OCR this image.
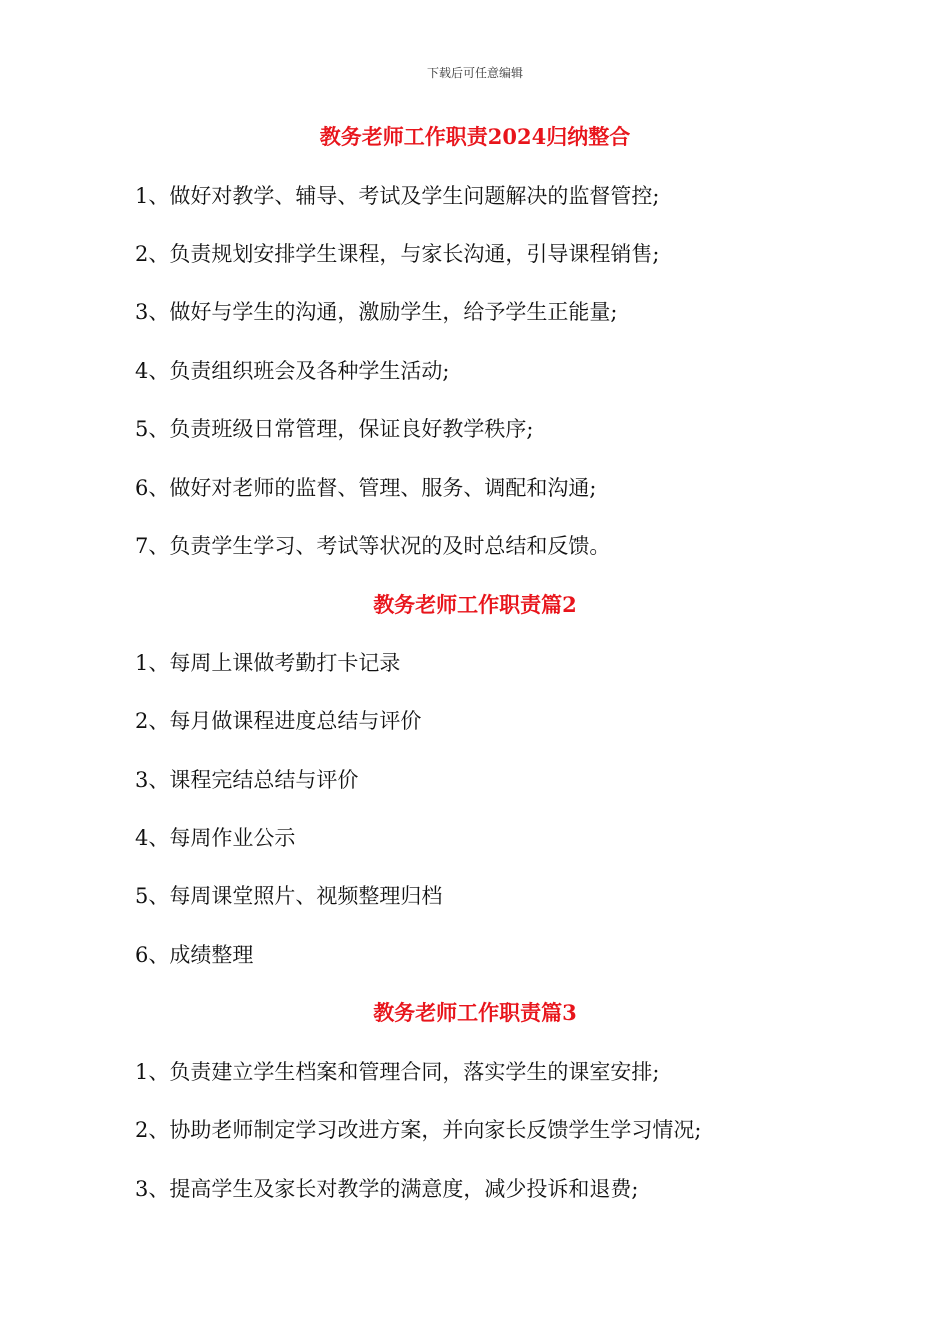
下载后可任意编辑
教务老师工作职责2024归纳整合
1、做好对教学、辅导、考试及学生问题解决的监督管控;
2、负责规划安排学生课程，与家长沟通，引导课程销售;
3、做好与学生的沟通，激励学生，给予学生正能量;
4、负责组织班会及各种学生活动;
5、负责班级日常管理，保证良好教学秩序;
6、做好对老师的监督、管理、服务、调配和沟通;
7、负责学生学习、考试等状况的及时总结和反馈。
教务老师工作职责篇2
1、每周上课做考勤打卡记录
2、每月做课程进度总结与评价
3、课程完结总结与评价
4、每周作业公示
5、每周课堂照片、视频整理归档
6、成绩整理
教务老师工作职责篇3
1、负责建立学生档案和管理合同，落实学生的课室安排;
2、协助老师制定学习改进方案，并向家长反馈学生学习情况;
3、提高学生及家长对教学的满意度，减少投诉和退费;
